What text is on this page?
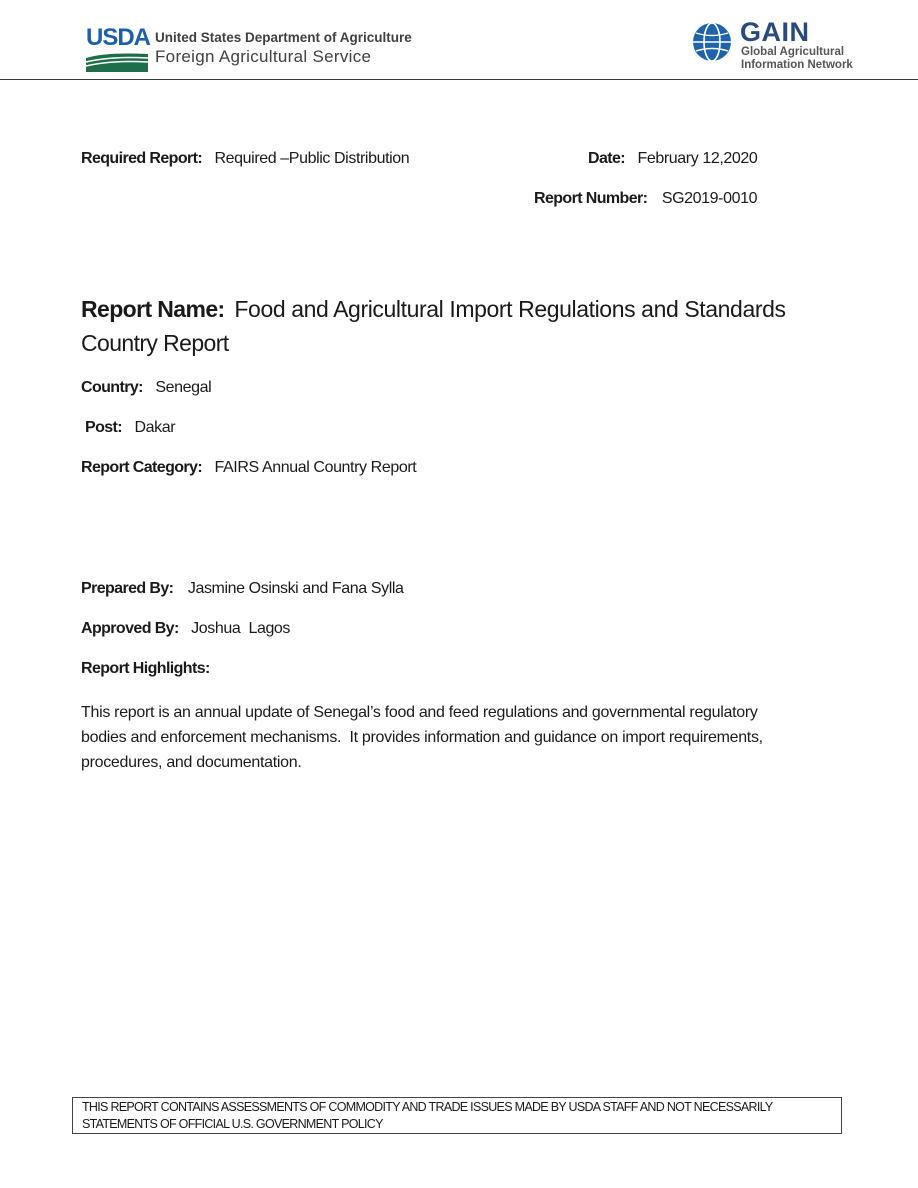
USDA United States Department of Agriculture
Foreign Agricultural Service
GAIN
Global Agricultural
Information Network
Required Report: Required –Public Distribution	Date: February 12,2020
Report Number: SG2019-0010
Report Name: Food and Agricultural Import Regulations and Standards
Country Report
Country: Senegal
Post: Dakar
Report Category: FAIRS Annual Country Report
Prepared By: Jasmine Osinski and Fana Sylla
Approved By: Joshua  Lagos
Report Highlights:
This report is an annual update of Senegal’s food and feed regulations and governmental regulatory
bodies and enforcement mechanisms.  It provides information and guidance on import requirements,
procedures, and documentation.
THIS REPORT CONTAINS ASSESSMENTS OF COMMODITY AND TRADE ISSUES MADE BY USDA STAFF AND NOT NECESSARILY
STATEMENTS OF OFFICIAL U.S. GOVERNMENT POLICY
